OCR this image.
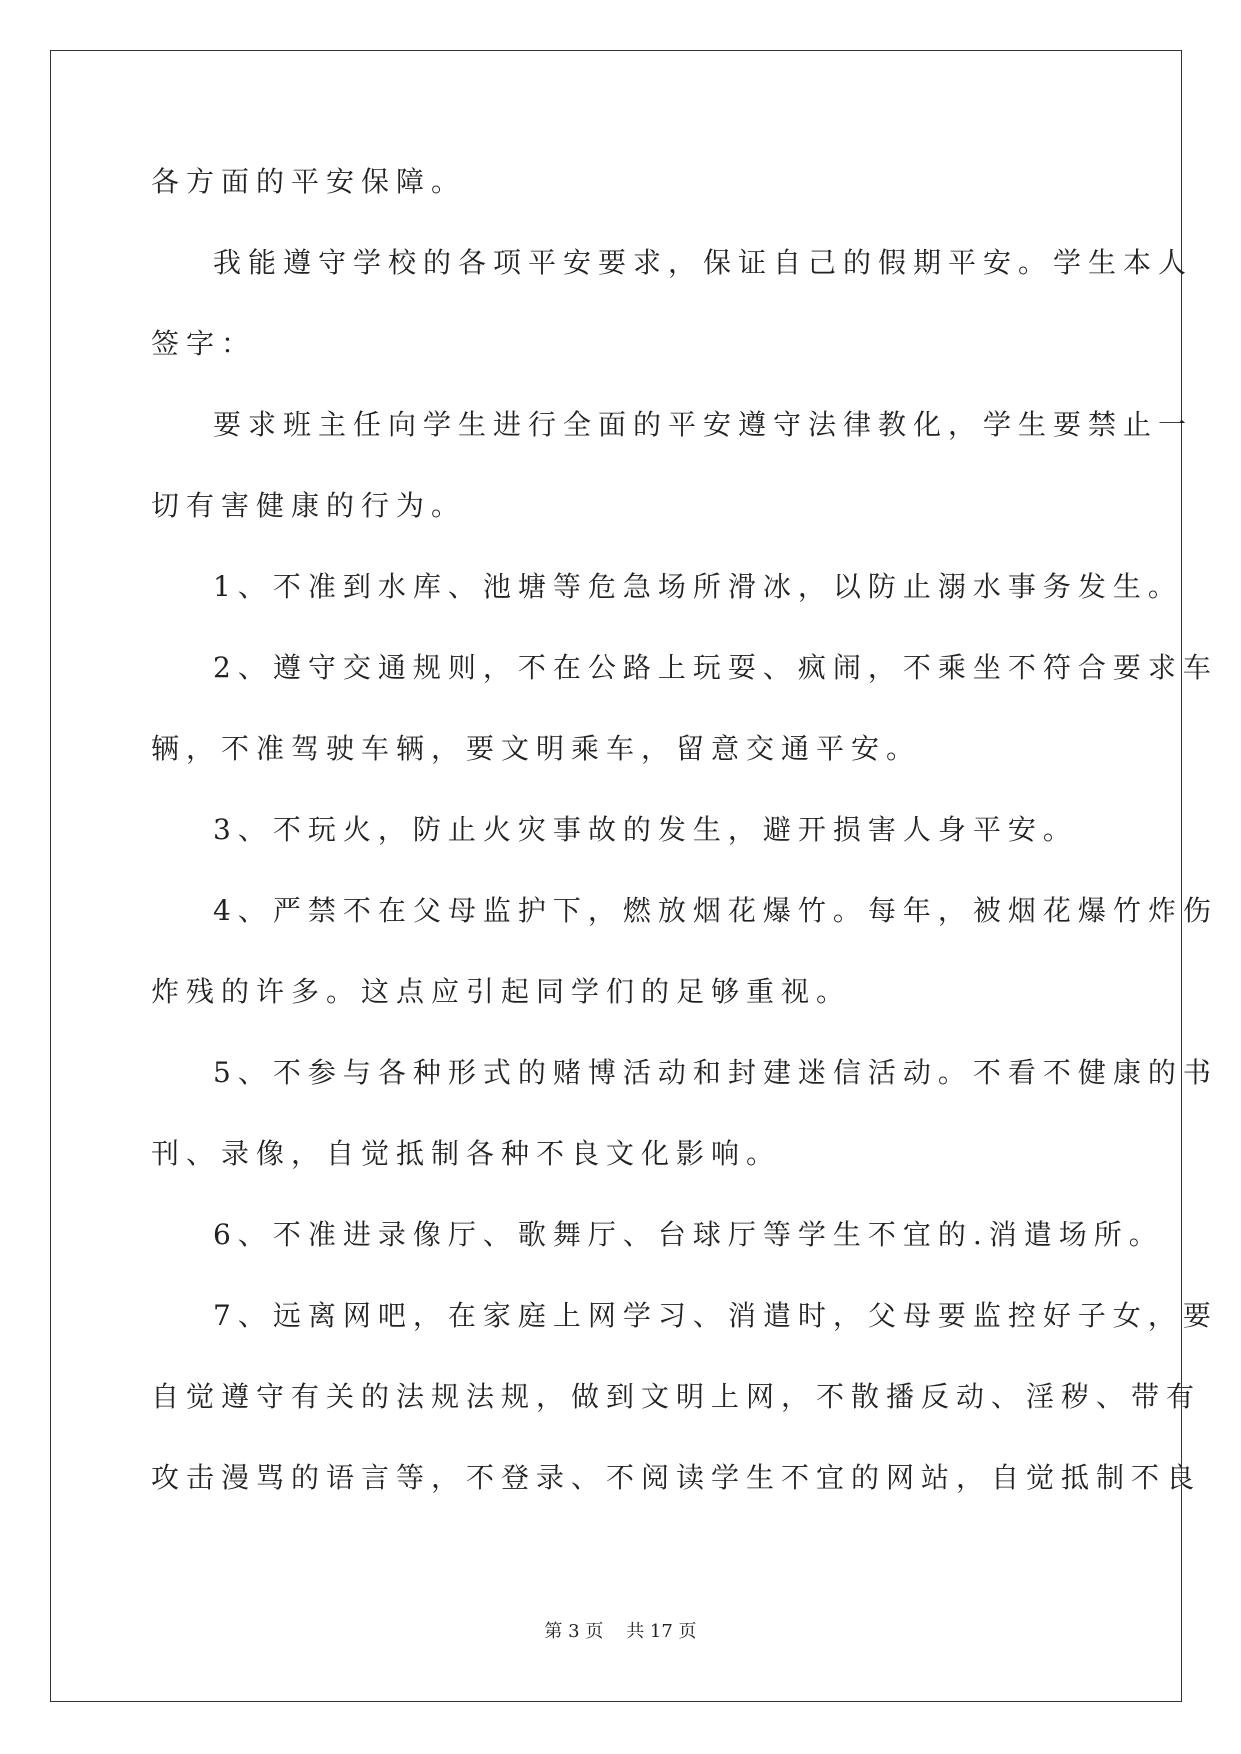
各方面的平安保障。
我能遵守学校的各项平安要求，保证自己的假期平安。学生本人
签字：
要求班主任向学生进行全面的平安遵守法律教化，学生要禁止一
切有害健康的行为。
1、不准到水库、池塘等危急场所滑冰，以防止溺水事务发生。
2、遵守交通规则，不在公路上玩耍、疯闹，不乘坐不符合要求车
辆，不准驾驶车辆，要文明乘车，留意交通平安。
3、不玩火，防止火灾事故的发生，避开损害人身平安。
4、严禁不在父母监护下，燃放烟花爆竹。每年，被烟花爆竹炸伤
炸残的许多。这点应引起同学们的足够重视。
5、不参与各种形式的赌博活动和封建迷信活动。不看不健康的书
刊、录像，自觉抵制各种不良文化影响。
6、不准进录像厅、歌舞厅、台球厅等学生不宜的.消遣场所。
7、远离网吧，在家庭上网学习、消遣时，父母要监控好子女，要
自觉遵守有关的法规法规，做到文明上网，不散播反动、淫秽、带有
攻击漫骂的语言等，不登录、不阅读学生不宜的网站，自觉抵制不良
第 3 页    共 17 页
